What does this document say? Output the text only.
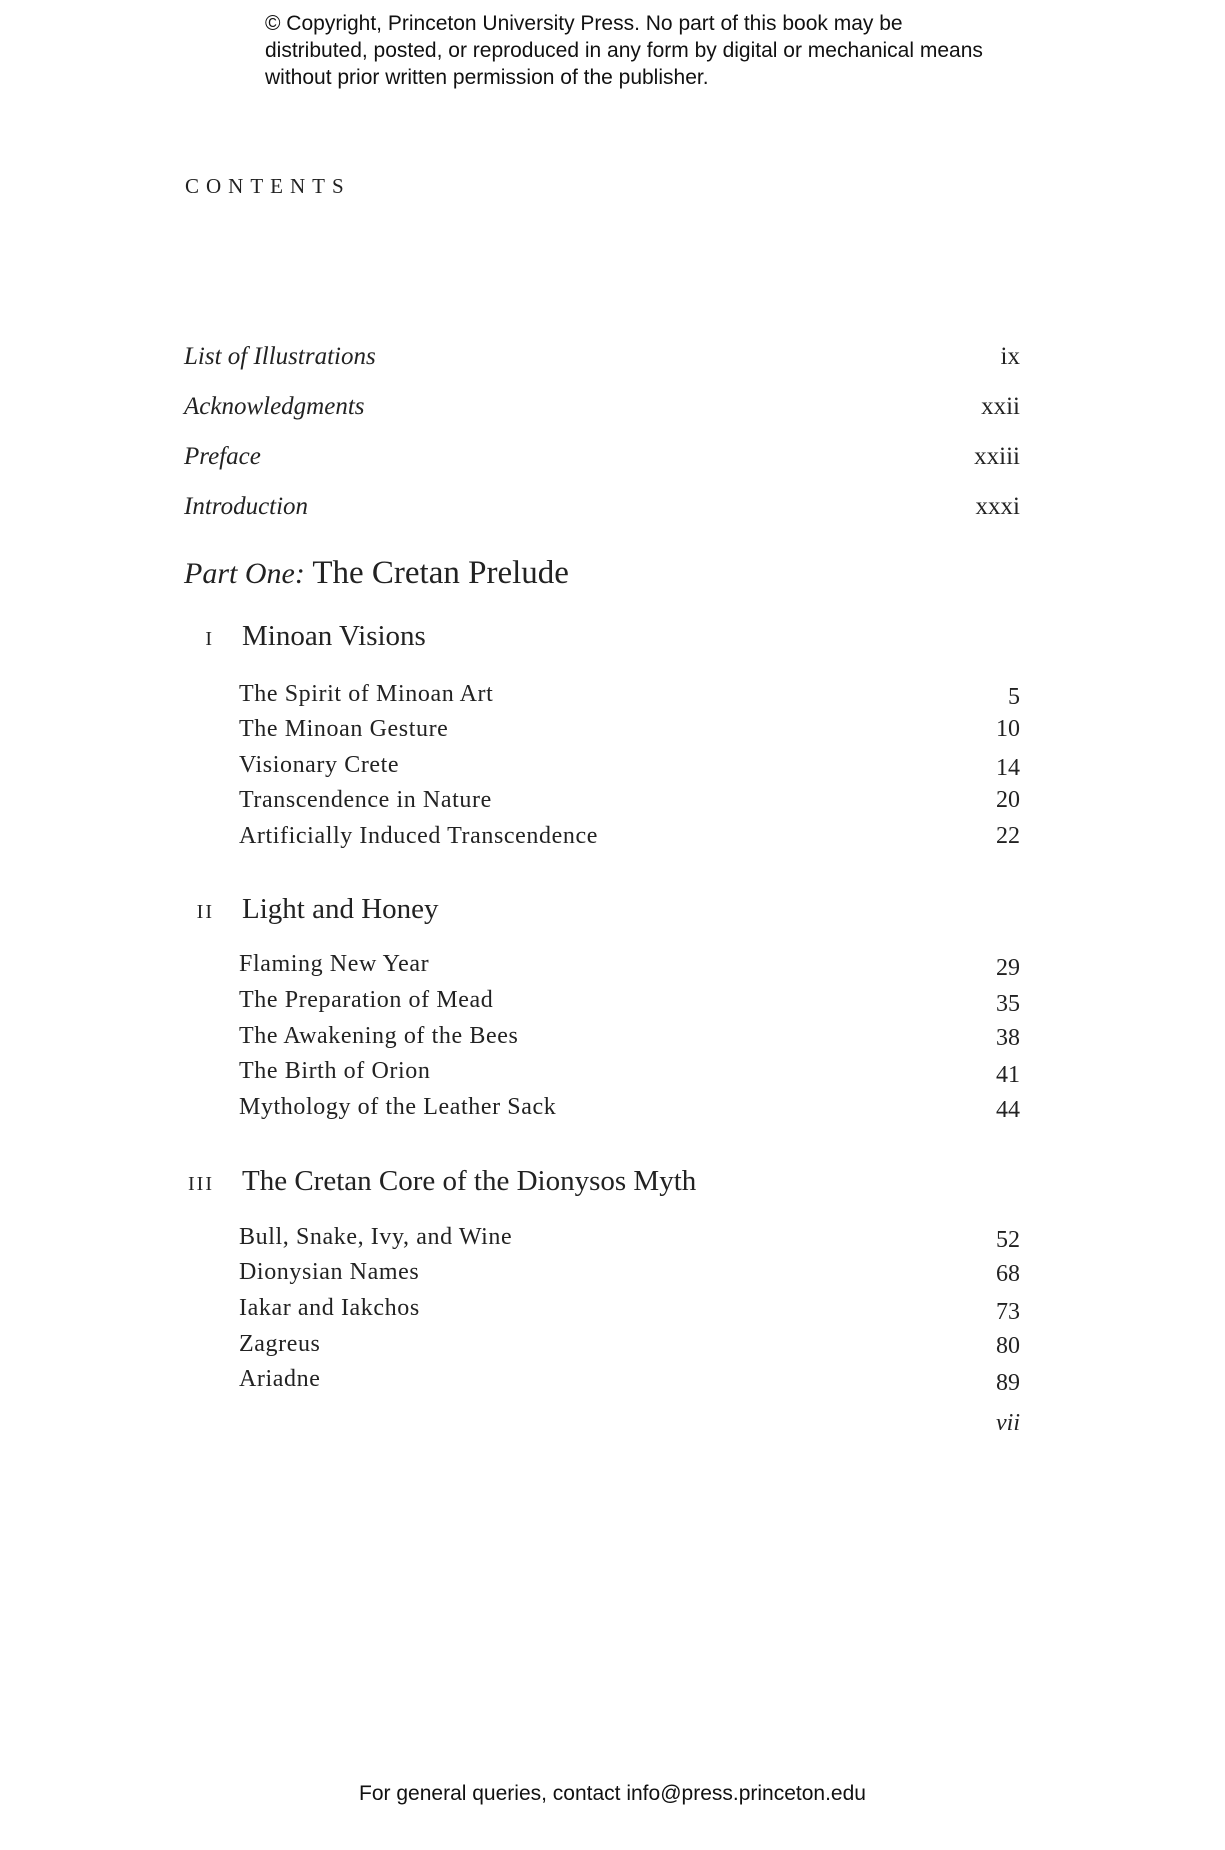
© Copyright, Princeton University Press. No part of this book may be distributed, posted, or reproduced in any form by digital or mechanical means without prior written permission of the publisher.
CONTENTS
List of Illustrations	ix
Acknowledgments	xxii
Preface	xxiii
Introduction	xxxi
Part One: The Cretan Prelude
I Minoan Visions
The Spirit of Minoan Art	5
The Minoan Gesture	10
Visionary Crete	14
Transcendence in Nature	20
Artificially Induced Transcendence	22
II Light and Honey
Flaming New Year	29
The Preparation of Mead	35
The Awakening of the Bees	38
The Birth of Orion	41
Mythology of the Leather Sack	44
III The Cretan Core of the Dionysos Myth
Bull, Snake, Ivy, and Wine	52
Dionysian Names	68
Iakar and Iakchos	73
Zagreus	80
Ariadne	89
vii
For general queries, contact info@press.princeton.edu
